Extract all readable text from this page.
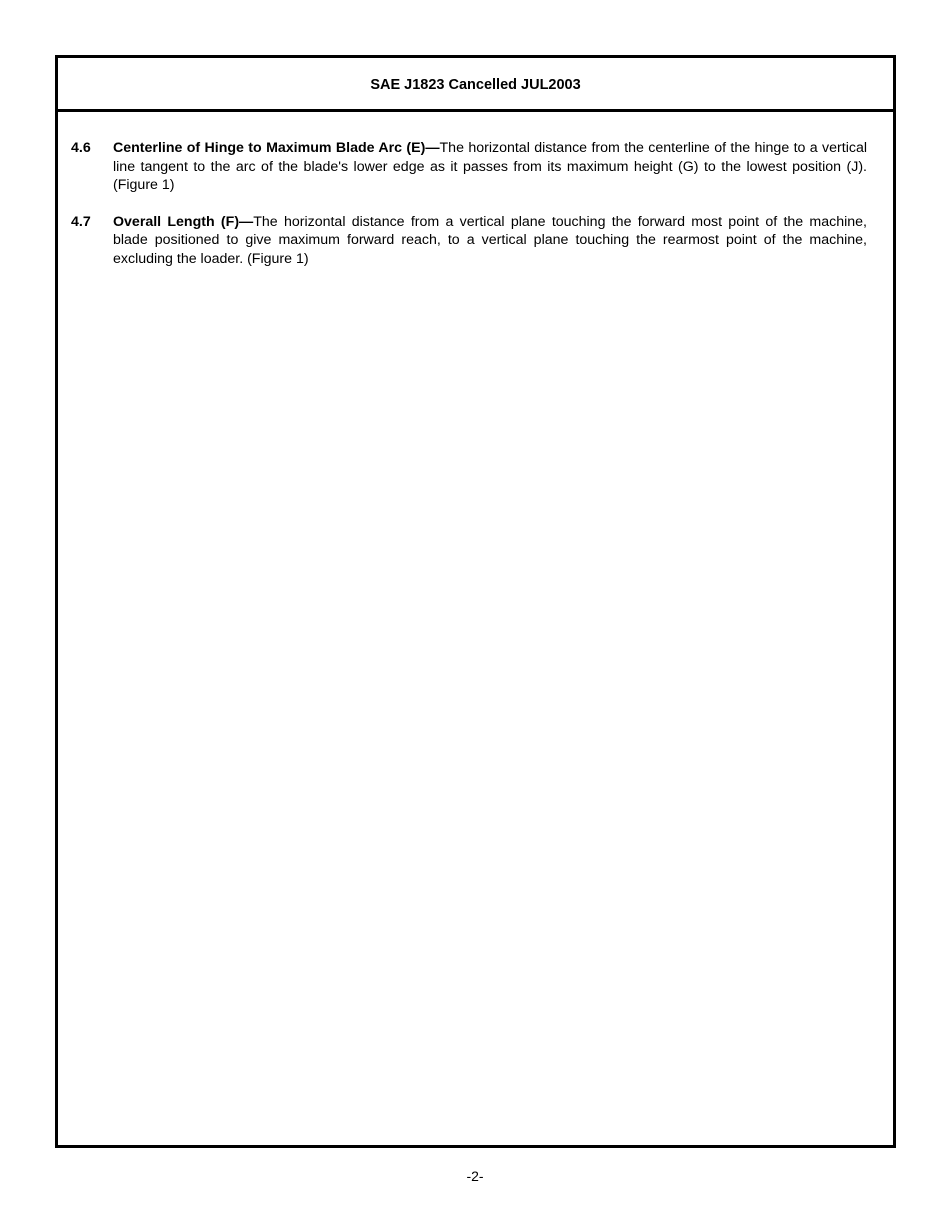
SAE J1823 Cancelled JUL2003
4.6	Centerline of Hinge to Maximum Blade Arc (E)—The horizontal distance from the centerline of the hinge to a vertical line tangent to the arc of the blade's lower edge as it passes from its maximum height (G) to the lowest position (J). (Figure 1)
4.7	Overall Length (F)—The horizontal distance from a vertical plane touching the forward most point of the machine, blade positioned to give maximum forward reach, to a vertical plane touching the rearmost point of the machine, excluding the loader. (Figure 1)
-2-
